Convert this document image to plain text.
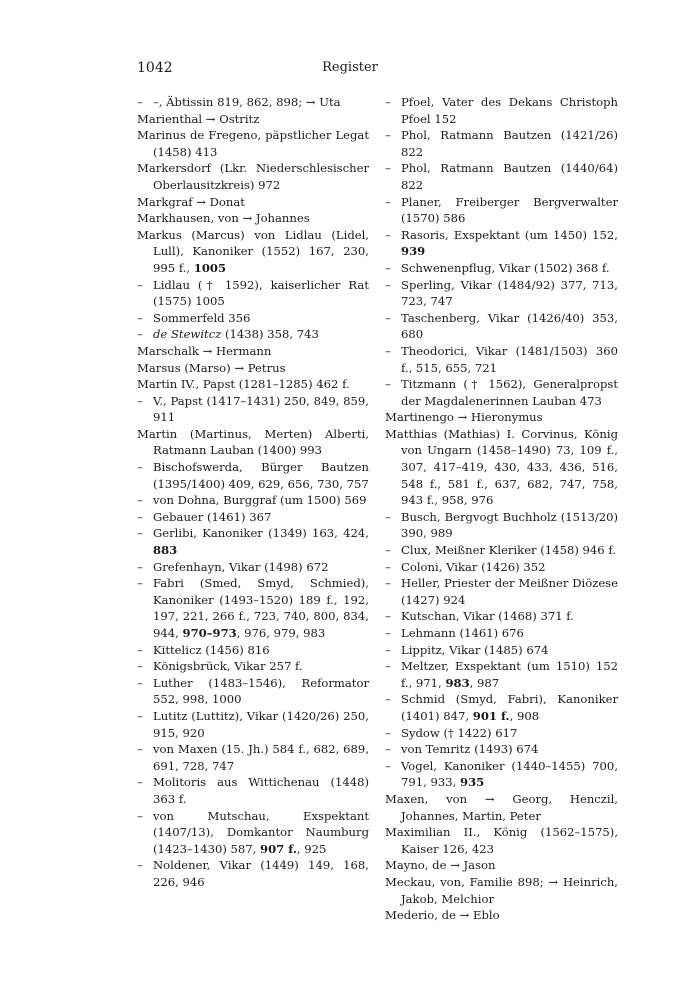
1042	Register

– –, Äbtissin 819, 862, 898; → Uta

Marienthal → Ostritz

Marinus de Fregeno, päpstlicher Legat (1458) 413

Markersdorf (Lkr. Niederschlesischer Oberlausitzkreis) 972

Markgraf → Donat

Markhausen, von → Johannes

Markus (Marcus) von Lidlau (Lidel, Lull), Kanoniker (1552) 167, 230, 995 f., 1005

– Lidlau († 1592), kaiserlicher Rat (1575) 1005

– Sommerfeld 356

– de Stewitcz (1438) 358, 743

Marschalk → Hermann

Marsus (Marso) → Petrus

Martin IV., Papst (1281–1285) 462 f.

– V., Papst (1417–1431) 250, 849, 859, 911

Martin (Martinus, Merten) Alberti, Ratmann Lauban (1400) 993

– Bischofswerda, Bürger Bautzen (1395/1400) 409, 629, 656, 730, 757

– von Dohna, Burggraf (um 1500) 569

– Gebauer (1461) 367

– Gerlibi, Kanoniker (1349) 163, 424, 883

– Grefenhayn, Vikar (1498) 672

– Fabri (Smed, Smyd, Schmied), Kanoniker (1493–1520) 189 f., 192, 197, 221, 266 f., 723, 740, 800, 834, 944, 970–973, 976, 979, 983

– Kittelicz (1456) 816

– Königsbrück, Vikar 257 f.

– Luther (1483–1546), Reformator 552, 998, 1000

– Lutitz (Luttitz), Vikar (1420/26) 250, 915, 920

– von Maxen (15. Jh.) 584 f., 682, 689, 691, 728, 747

– Molitoris aus Wittichenau (1448) 363 f.

– von Mutschau, Exspektant (1407/13), Domkantor Naumburg (1423–1430) 587, 907 f., 925

– Noldener, Vikar (1449) 149, 168, 226, 946

– Pfoel, Vater des Dekans Christoph Pfoel 152

– Phol, Ratmann Bautzen (1421/26) 822

– Phol, Ratmann Bautzen (1440/64) 822

– Planer, Freiberger Bergverwalter (1570) 586

– Rasoris, Exspektant (um 1450) 152, 939

– Schwenenpflug, Vikar (1502) 368 f.

– Sperling, Vikar (1484/92) 377, 713, 723, 747

– Taschenberg, Vikar (1426/40) 353, 680

– Theodorici, Vikar (1481/1503) 360 f., 515, 655, 721

– Titzmann († 1562), Generalpropst der Magdalenerinnen Lauban 473

Martinengo → Hieronymus

Matthias (Mathias) I. Corvinus, König von Ungarn (1458–1490) 73, 109 f., 307, 417–419, 430, 433, 436, 516, 548 f., 581 f., 637, 682, 747, 758, 943 f., 958, 976

– Busch, Bergvogt Buchholz (1513/20) 390, 989

– Clux, Meißner Kleriker (1458) 946 f.

– Coloni, Vikar (1426) 352

– Heller, Priester der Meißner Diözese (1427) 924

– Kutschan, Vikar (1468) 371 f.

– Lehmann (1461) 676

– Lippitz, Vikar (1485) 674

– Meltzer, Exspektant (um 1510) 152 f., 971, 983, 987

– Schmid (Smyd, Fabri), Kanoniker (1401) 847, 901 f., 908

– Sydow († 1422) 617

– von Temritz (1493) 674

– Vogel, Kanoniker (1440–1455) 700, 791, 933, 935

Maxen, von → Georg, Henczil, Johannes, Martin, Peter

Maximilian II., König (1562–1575), Kaiser 126, 423

Mayno, de → Jason

Meckau, von, Familie 898; → Heinrich, Jakob, Melchior

Mederio, de → Eblo
